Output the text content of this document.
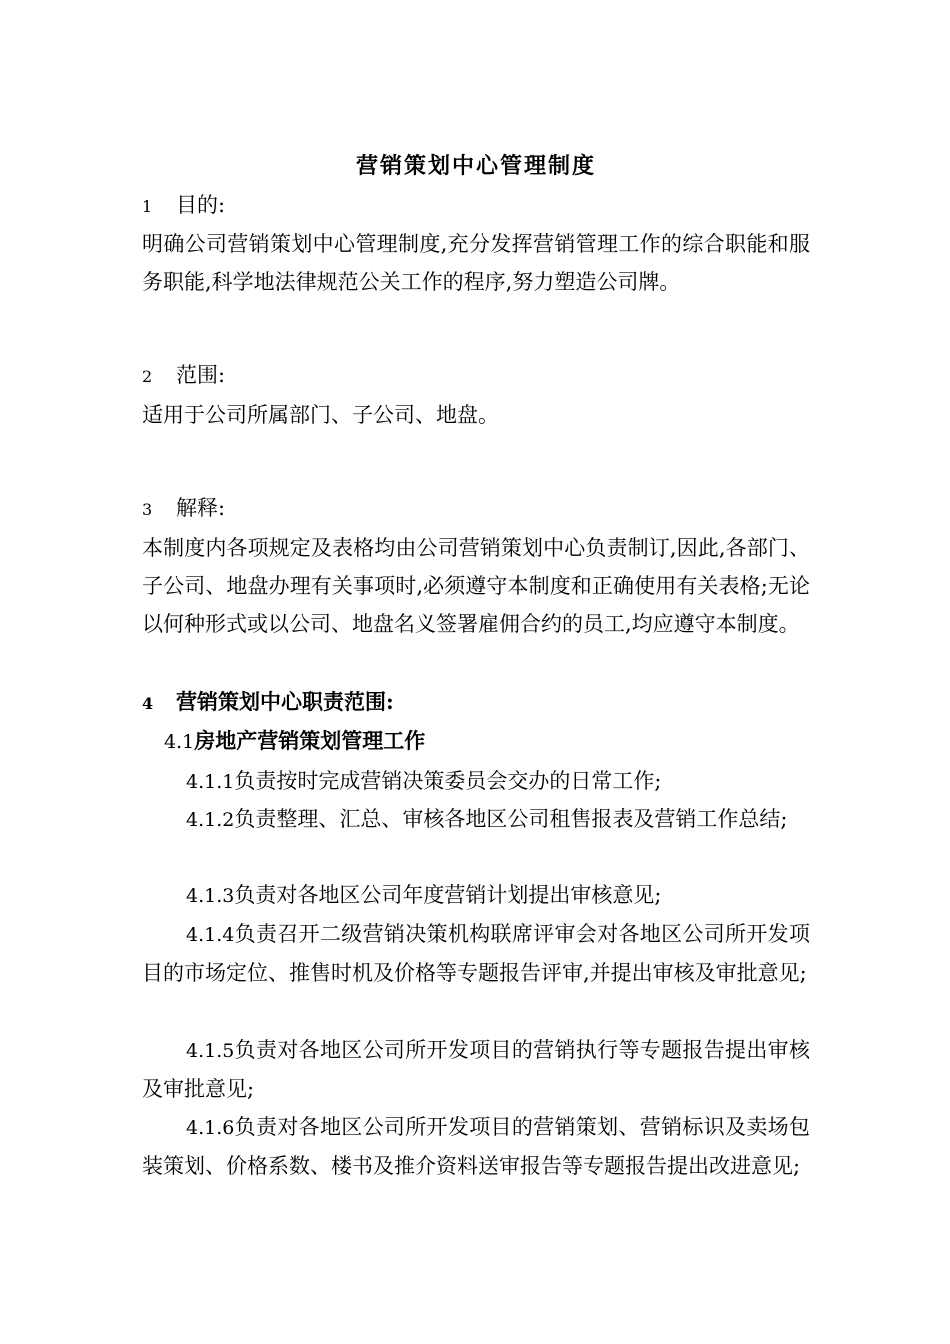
营销策划中心管理制度
1 目的:
明确公司营销策划中心管理制度,充分发挥营销管理工作的综合职能和服务职能,科学地法律规范公关工作的程序,努力塑造公司牌。
2 范围:
适用于公司所属部门、子公司、地盘。
3 解释:
本制度内各项规定及表格均由公司营销策划中心负责制订,因此,各部门、子公司、地盘办理有关事项时,必须遵守本制度和正确使用有关表格;无论以何种形式或以公司、地盘名义签署雇佣合约的员工,均应遵守本制度。
4 营销策划中心职责范围:
4.1房地产营销策划管理工作
4.1.1负责按时完成营销决策委员会交办的日常工作;
4.1.2负责整理、汇总、审核各地区公司租售报表及营销工作总结;
4.1.3负责对各地区公司年度营销计划提出审核意见;
4.1.4负责召开二级营销决策机构联席评审会对各地区公司所开发项目的市场定位、推售时机及价格等专题报告评审,并提出审核及审批意见;
4.1.5负责对各地区公司所开发项目的营销执行等专题报告提出审核及审批意见;
4.1.6负责对各地区公司所开发项目的营销策划、营销标识及卖场包装策划、价格系数、楼书及推介资料送审报告等专题报告提出改进意见;
